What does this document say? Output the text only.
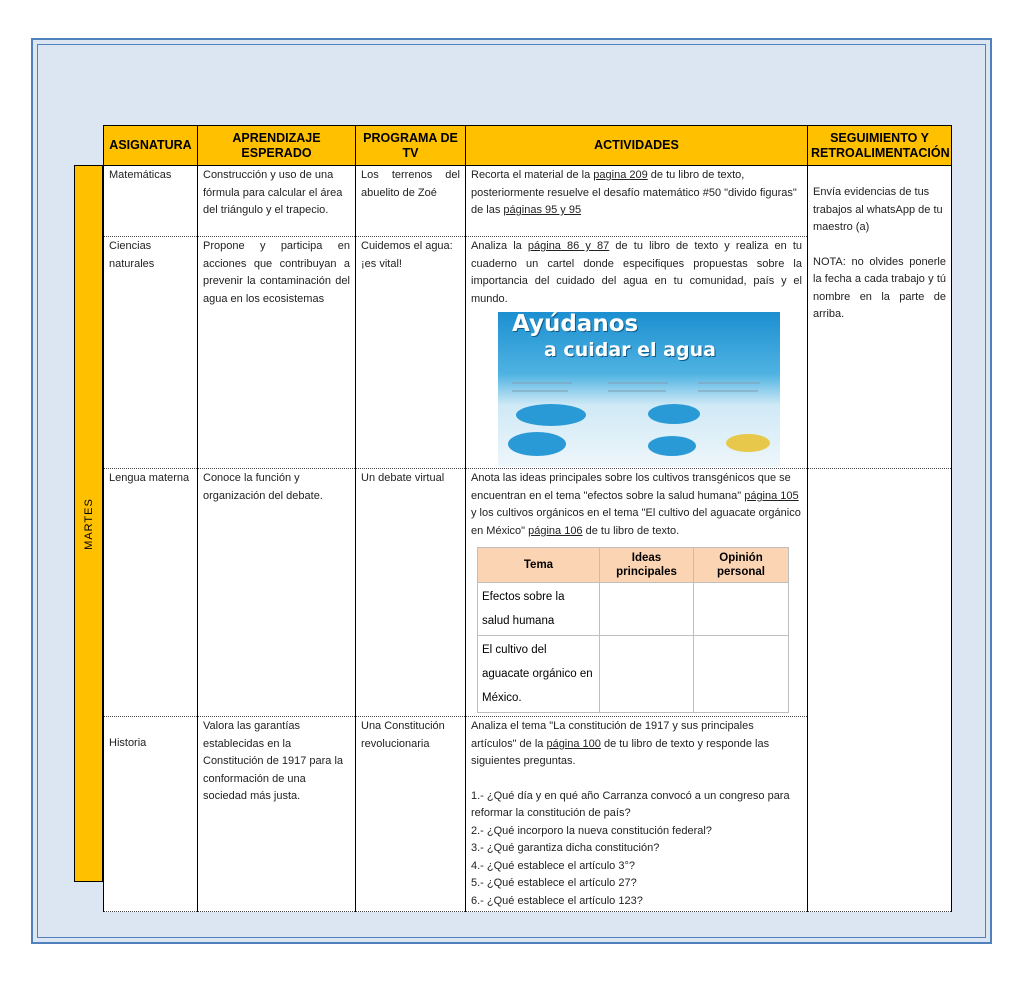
MARTES
ASIGNATURA	APRENDIZAJE ESPERADO	PROGRAMA DE TV	ACTIVIDADES	SEGUIMIENTO Y RETROALIMENTACIÓN
Matemáticas	Construcción y uso de una fórmula para calcular el área del triángulo y el trapecio.	Los terrenos del abuelito de Zoé	Recorta el material de la pagina 209 de tu libro de texto, posteriormente resuelve el desafío matemático #50 "divido figuras" de las páginas 95 y 95	
Envía evidencias de tus trabajos al whatsApp de tu maestro (a)
NOTA: no olvides ponerle la fecha a cada trabajo y tú nombre en la parte de arriba.

Ciencias naturales	Propone y participa en acciones que contribuyan a prevenir la contaminación del agua en los ecosistemas	Cuidemos el agua: ¡es vital!	Analiza la página 86 y 87 de tu libro de texto y realiza en tu cuaderno un cartel donde especifiques propuestas sobre la importancia del cuidado del agua en tu comunidad, país y el mundo.
Ayúdanos
a cuidar el agua

Lengua materna	Conoce la función y organización del debate.	Un debate virtual	Anota las ideas principales sobre los cultivos transgénicos que se encuentran en el tema "efectos sobre la salud humana" página 105 y los cultivos orgánicos en el tema "El cultivo del aguacate orgánico en México" página 106 de tu libro de texto.
Tema	Ideas principales	Opinión personal
Efectos sobre la salud humana		
El cultivo del aguacate orgánico en México.		

Historia	Valora las garantías establecidas en la Constitución de 1917 para la conformación de una sociedad más justa.	Una Constitución revolucionaria	Analiza el tema "La constitución de 1917 y sus principales artículos" de la página 100 de tu libro de texto y responde las siguientes preguntas.
1.- ¿Qué día y en qué año Carranza convocó a un congreso para reformar la constitución de país?
2.- ¿Qué incorporo la nueva constitución federal?
3.- ¿Qué garantiza dicha constitución?
4.- ¿Qué establece el artículo 3°?
5.- ¿Qué establece el artículo 27?
6.- ¿Qué establece el artículo 123?
